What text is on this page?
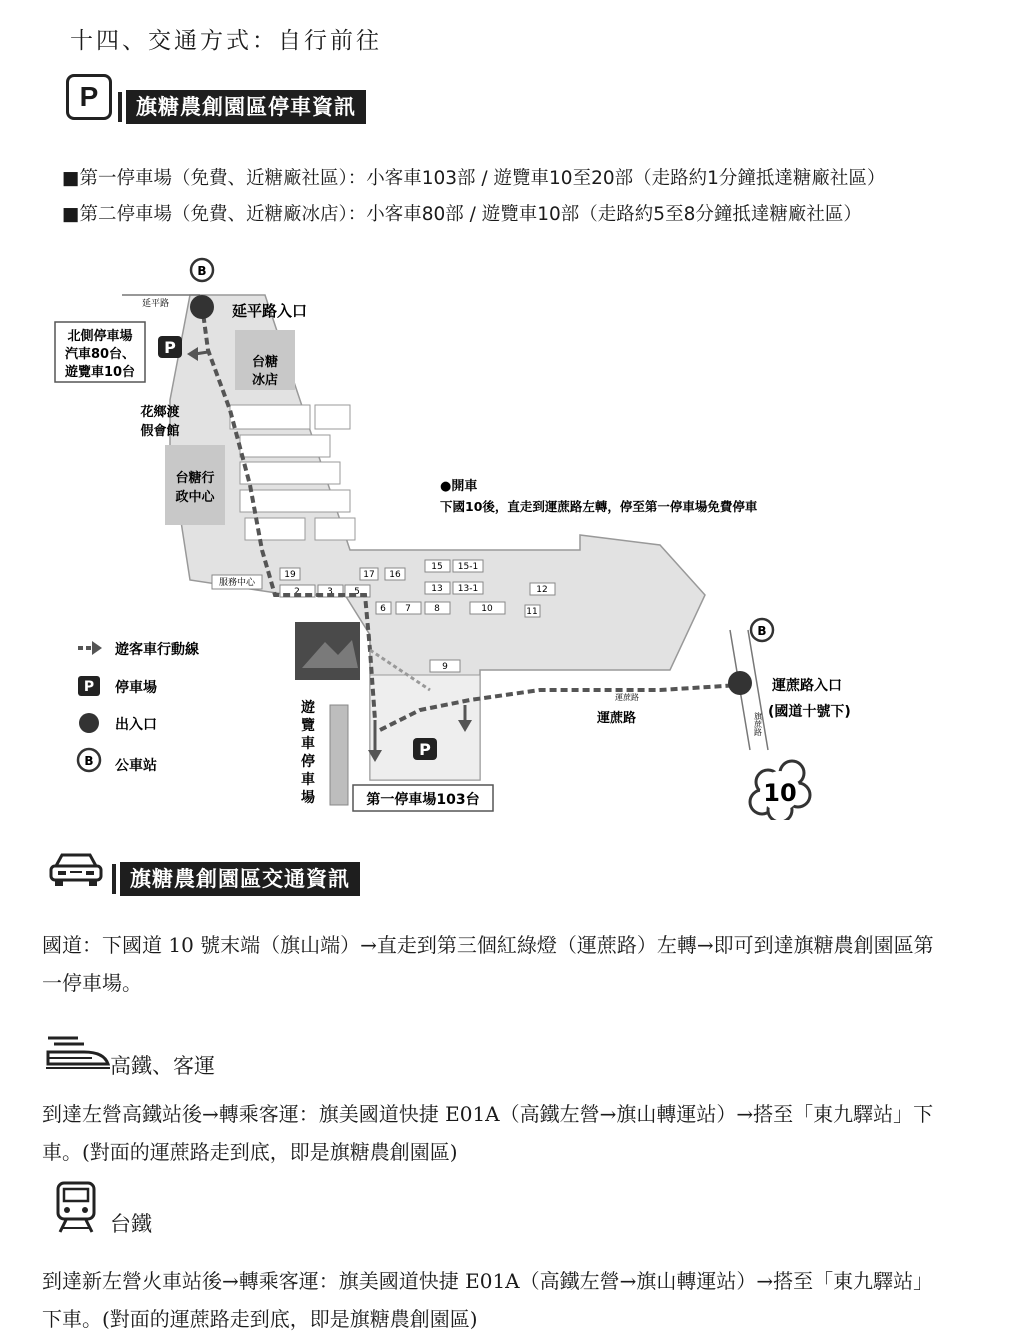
十四、交通方式：自行前往
P	旗糖農創園區停車資訊
■第一停車場（免費、近糖廠社區）：小客車103部 / 遊覽車10至20部（走路約1分鐘抵達糖廠社區）
■第二停車場（免費、近糖廠冰店）：小客車80部 / 遊覽車10部（走路約5至8分鐘抵達糖廠社區）
延平路
19	17 16
15 15-1
13 13-1	12
2	3 5
6 7	8	10	11
9
服務中心
B
延平路入口
北側停車場
汽車80台、
遊覽車10台
P
台糖
冰店
花鄉渡
假會館
台糖行
政中心
●開車
下國10後，直走到運蔗路左轉，停至第一停車場免費停車
B
運蔗路入口
(國道十號下)
運蔗路
運蔗路
旗蔗路
10
P
第一停車場103台
遊
覽
車
停
車
場
遊客車行動線
P 停車場
出入口
B 公車站
旗糖農創園區交通資訊
國道：下國道 10 號末端（旗山端）→直走到第三個紅綠燈（運蔗路）左轉→即可到達旗糖農創園區第一停車場。
高鐵、客運
到達左營高鐵站後→轉乘客運：旗美國道快捷 E01A（高鐵左營→旗山轉運站）→搭至「東九驛站」下車。(對面的運蔗路走到底，即是旗糖農創園區)
台鐵
到達新左營火車站後→轉乘客運：旗美國道快捷 E01A（高鐵左營→旗山轉運站）→搭至「東九驛站」下車。(對面的運蔗路走到底，即是旗糖農創園區)
